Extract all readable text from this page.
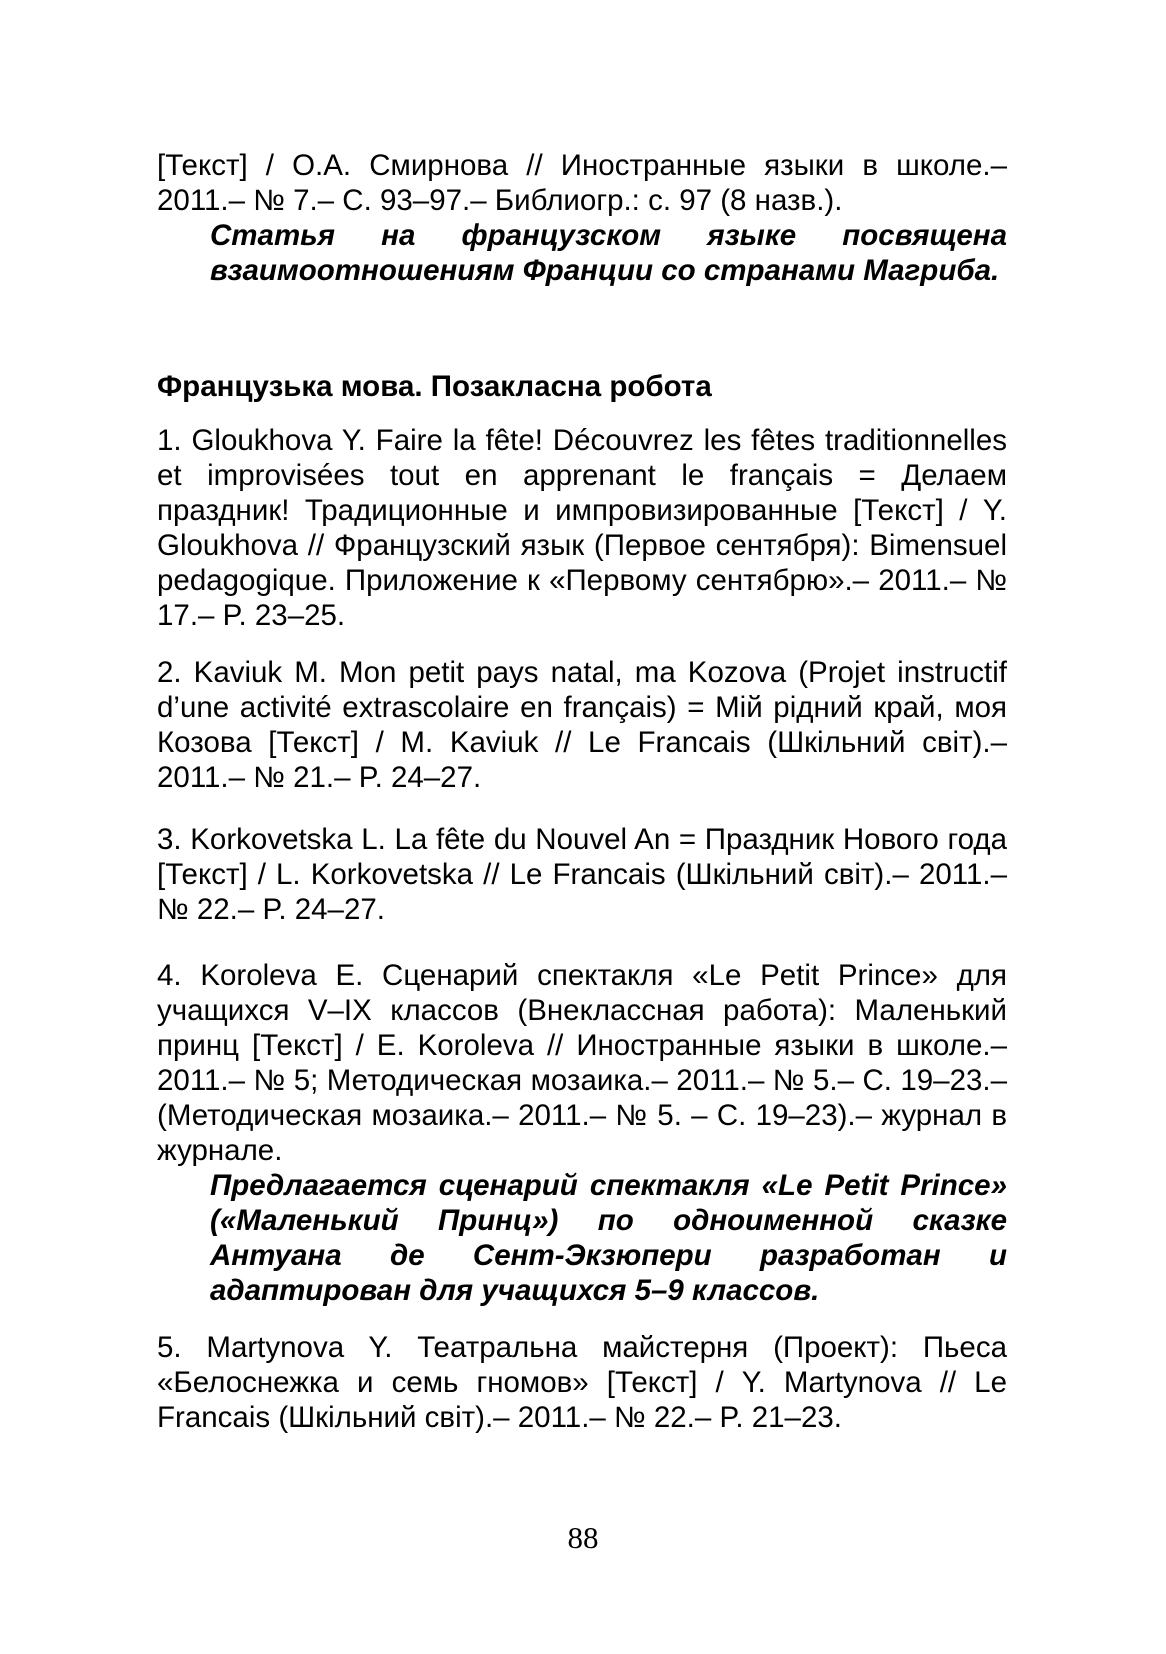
[Текст] / О.А. Смирнова // Иностранные языки в школе.– 2011.– № 7.– С. 93–97.– Библиогр.: с. 97 (8 назв.).

Статья на французском языке посвящена взаимоотношениям Франции со странами Магриба.

Французька мова. Позакласна робота

1. Gloukhova Y. Faire la fête! Découvrez les fêtes traditionnelles et improvisées tout en apprenant le français = Делаем праздник! Традиционные и импровизированные [Текст] / Y. Gloukhova // Французский язык (Первое сентября): Bimensuel pedagogique. Приложение к «Первому сентябрю».– 2011.– № 17.– P. 23–25.

2. Kaviuk M. Mon petit pays natal, ma Kozova (Projet instructif d’une activité extrascolaire en français) = Мій рідний край, моя Козова [Текст] / M. Kaviuk // Le Francais (Шкільний світ).– 2011.– № 21.– P. 24–27.

3. Korkovetska L. La fête du Nouvel An = Праздник Нового года [Текст] / L. Korkovetska // Le Francais (Шкільний світ).– 2011.– № 22.– P. 24–27.

4. Koroleva E. Сценарий спектакля «Le Petit Prince» для учащихся V–IX классов (Внеклассная работа): Маленький принц [Текст] / E. Koroleva // Иностранные языки в школе.– 2011.– № 5; Методическая мозаика.– 2011.– № 5.– С. 19–23.– (Методическая мозаика.– 2011.– № 5. – С. 19–23).– журнал в журнале.

Предлагается сценарий спектакля «Le Petit Prince» («Маленький Принц») по одноименной сказке Антуана де Сент-Экзюпери разработан и адаптирован для учащихся 5–9 классов.

5. Martynova Y. Театральна майстерня (Проект): Пьеса «Белоснежка и семь гномов» [Текст] / Y. Martynova // Le Francais (Шкільний світ).– 2011.– № 22.– P. 21–23.

88
